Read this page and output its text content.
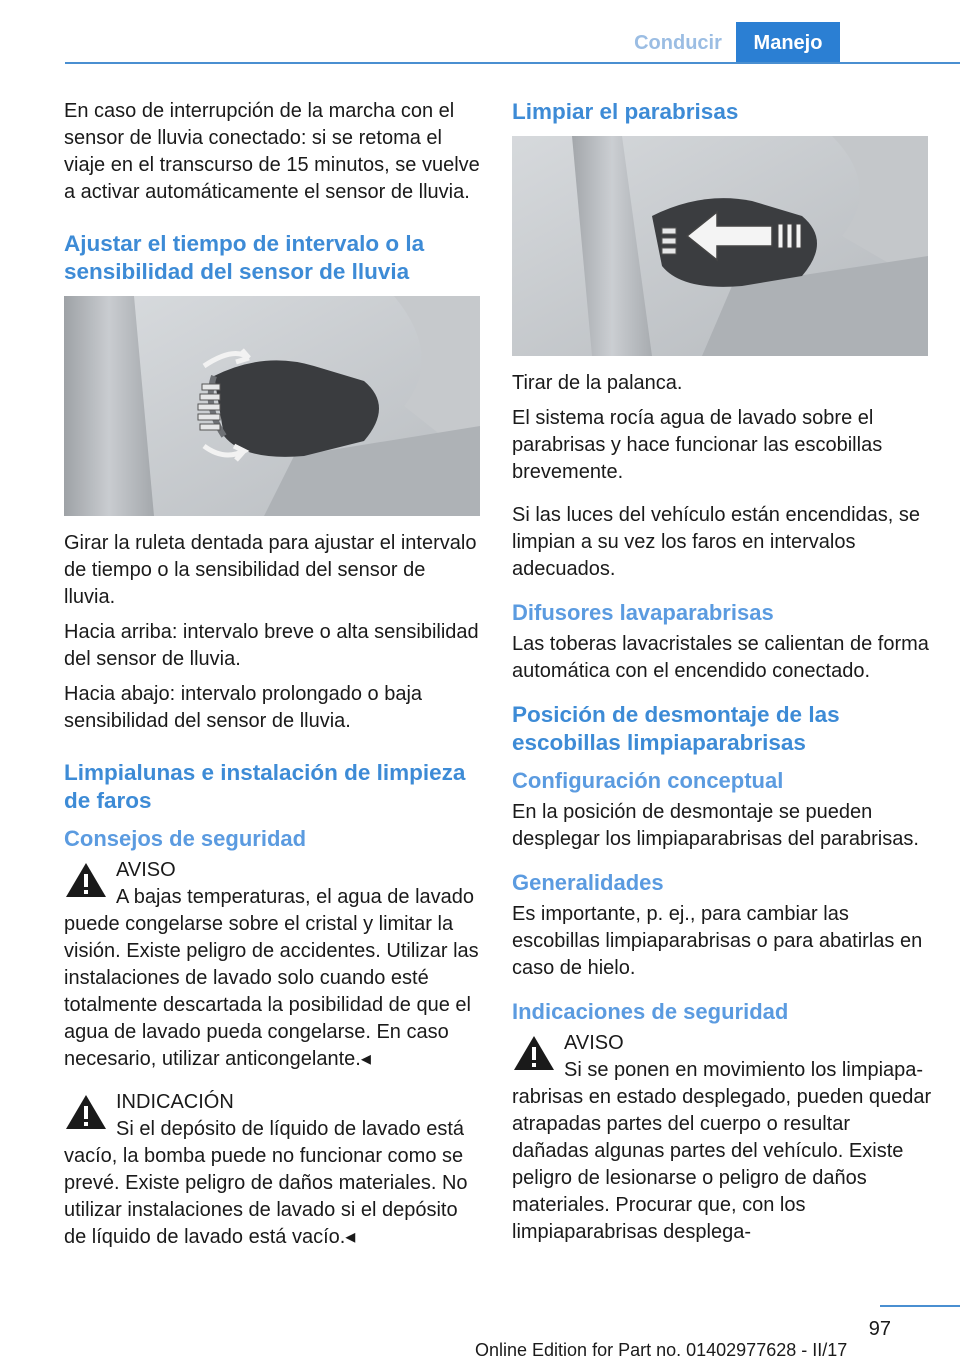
Conducir	Manejo

En caso de interrupción de la marcha con el sensor de lluvia conectado: si se retoma el viaje en el transcurso de 15 minutos, se vuelve a activar automáticamente el sensor de lluvia.

Ajustar el tiempo de intervalo o la sensibilidad del sensor de lluvia

Girar la ruleta dentada para ajustar el intervalo de tiempo o la sensibilidad del sensor de lluvia.

Hacia arriba: intervalo breve o alta sensibilidad del sensor de lluvia.

Hacia abajo: intervalo prolongado o baja sensibilidad del sensor de lluvia.

Limpialunas e instalación de limpieza de faros
Consejos de seguridad
AVISO
A bajas temperaturas, el agua de lavado

puede congelarse sobre el cristal y limitar la visión. Existe peligro de accidentes. Utilizar las instalaciones de lavado solo cuando esté totalmente descartada la posibilidad de que el agua de lavado pueda congelarse. En caso necesario, utilizar anticongelante.◂

INDICACIÓN
Si el depósito de líquido de lavado está

vacío, la bomba puede no funcionar como se prevé. Existe peligro de daños materiales. No utilizar instalaciones de lavado si el depósito de líquido de lavado está vacío.◂

Limpiar el parabrisas

Tirar de la palanca.

El sistema rocía agua de lavado sobre el parabrisas y hace funcionar las escobillas brevemente.

Si las luces del vehículo están encendidas, se limpian a su vez los faros en intervalos adecuados.

Difusores lavaparabrisas

Las toberas lavacristales se calientan de forma automática con el encendido conectado.

Posición de desmontaje de las escobillas limpiaparabrisas
Configuración conceptual

En la posición de desmontaje se pueden desplegar los limpiaparabrisas del parabrisas.

Generalidades

Es importante, p. ej., para cambiar las escobillas limpiaparabrisas o para abatirlas en caso de hielo.

Indicaciones de seguridad
AVISO
Si se ponen en movimiento los limpiapa-

rabrisas en estado desplegado, pueden quedar atrapadas partes del cuerpo o resultar dañadas algunas partes del vehículo. Existe peligro de lesionarse o peligro de daños materiales. Procurar que, con los limpiaparabrisas desplega-

97
Online Edition for Part no. 01402977628 - II/17
